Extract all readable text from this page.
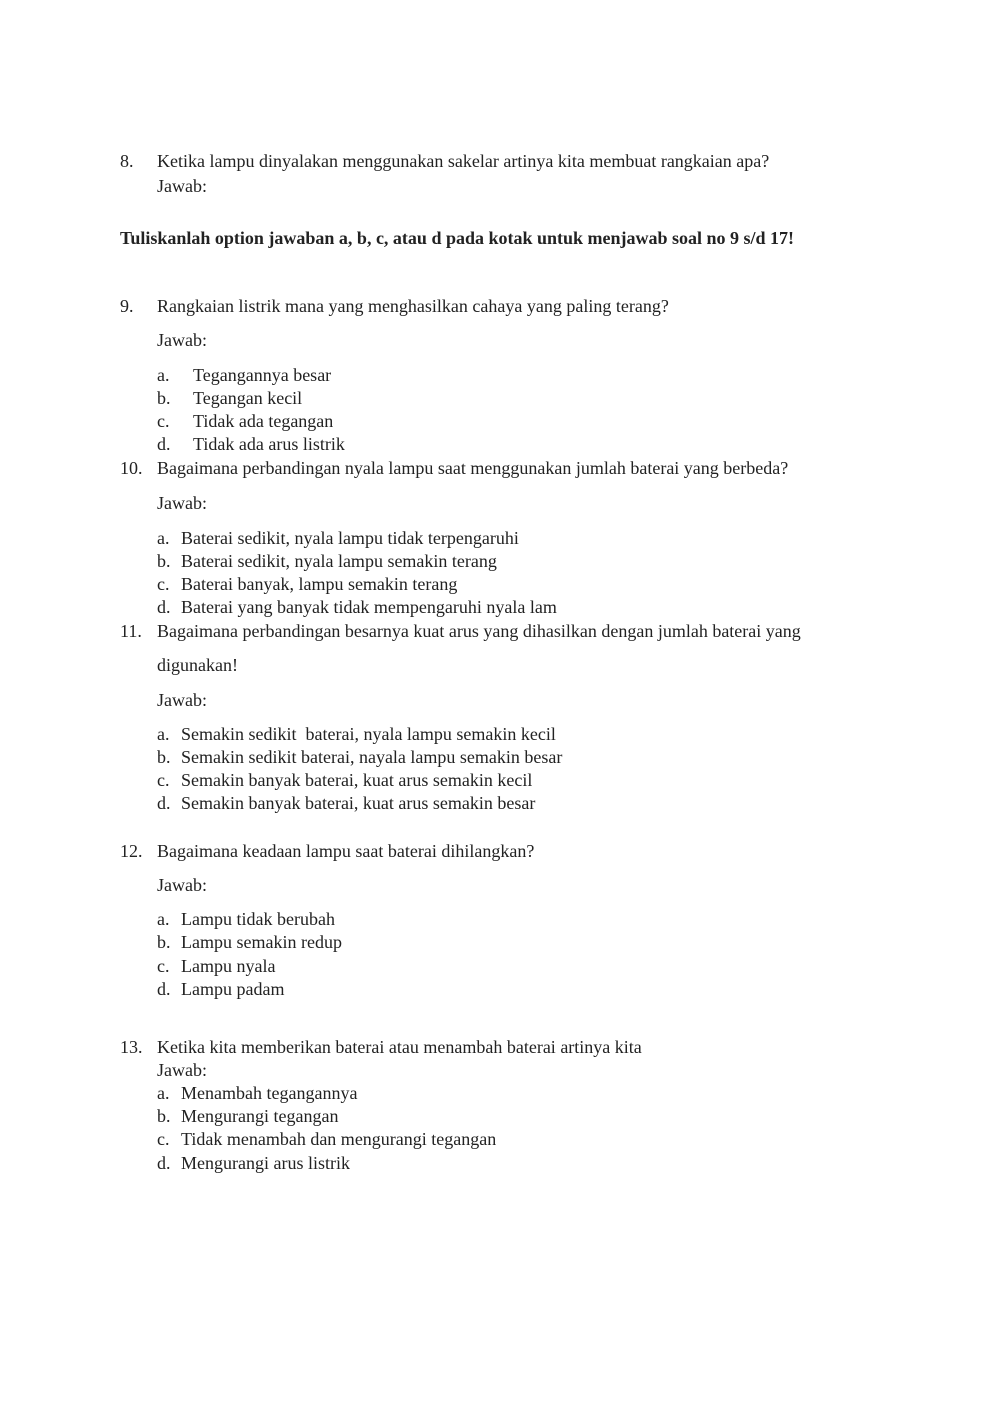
8. Ketika lampu dinyalakan menggunakan sakelar artinya kita membuat rangkaian apa?
Jawab:
Tuliskanlah option jawaban a, b, c, atau d pada kotak untuk menjawab soal no 9 s/d 17!
9. Rangkaian listrik mana yang menghasilkan cahaya yang paling terang?
Jawab:
a. Tegangannya besar
b. Tegangan kecil
c. Tidak ada tegangan
d. Tidak ada arus listrik
10. Bagaimana perbandingan nyala lampu saat menggunakan jumlah baterai yang berbeda?
Jawab:
a. Baterai sedikit, nyala lampu tidak terpengaruhi
b. Baterai sedikit, nyala lampu semakin terang
c. Baterai banyak, lampu semakin terang
d. Baterai yang banyak tidak mempengaruhi nyala lam
11. Bagaimana perbandingan besarnya kuat arus yang dihasilkan dengan jumlah baterai yang
digunakan!
Jawab:
a. Semakin sedikit  baterai, nyala lampu semakin kecil
b. Semakin sedikit baterai, nayala lampu semakin besar
c. Semakin banyak baterai, kuat arus semakin kecil
d. Semakin banyak baterai, kuat arus semakin besar
12. Bagaimana keadaan lampu saat baterai dihilangkan?
Jawab:
a. Lampu tidak berubah
b. Lampu semakin redup
c. Lampu nyala
d. Lampu padam
13. Ketika kita memberikan baterai atau menambah baterai artinya kita
Jawab:
a. Menambah tegangannya
b. Mengurangi tegangan
c. Tidak menambah dan mengurangi tegangan
d. Mengurangi arus listrik
